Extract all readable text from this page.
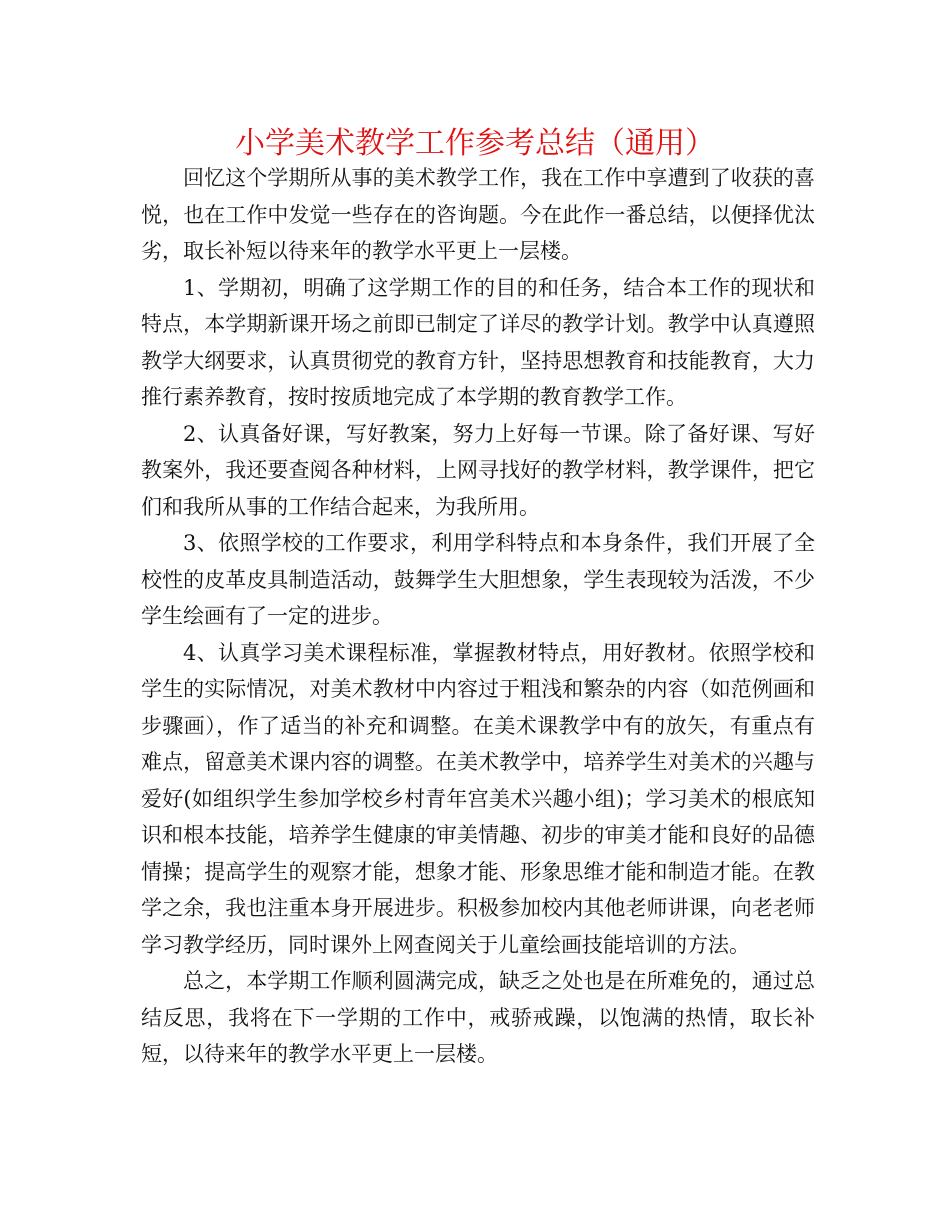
小学美术教学工作参考总结（通用）

回忆这个学期所从事的美术教学工作，我在工作中享遭到了收获的喜悦，也在工作中发觉一些存在的咨询题。今在此作一番总结，以便择优汰劣，取长补短以待来年的教学水平更上一层楼。

1、学期初，明确了这学期工作的目的和任务，结合本工作的现状和特点，本学期新课开场之前即已制定了详尽的教学计划。教学中认真遵照教学大纲要求，认真贯彻党的教育方针，坚持思想教育和技能教育，大力推行素养教育，按时按质地完成了本学期的教育教学工作。

2、认真备好课，写好教案，努力上好每一节课。除了备好课、写好教案外，我还要查阅各种材料，上网寻找好的教学材料，教学课件，把它们和我所从事的工作结合起来，为我所用。

3、依照学校的工作要求，利用学科特点和本身条件，我们开展了全校性的皮革皮具制造活动，鼓舞学生大胆想象，学生表现较为活泼，不少学生绘画有了一定的进步。

4、认真学习美术课程标准，掌握教材特点，用好教材。依照学校和学生的实际情况，对美术教材中内容过于粗浅和繁杂的内容（如范例画和步骤画），作了适当的补充和调整。在美术课教学中有的放矢，有重点有难点，留意美术课内容的调整。在美术教学中，培养学生对美术的兴趣与爱好(如组织学生参加学校乡村青年宫美术兴趣小组)；学习美术的根底知识和根本技能，培养学生健康的审美情趣、初步的审美才能和良好的品德情操；提高学生的观察才能，想象才能、形象思维才能和制造才能。在教学之余，我也注重本身开展进步。积极参加校内其他老师讲课，向老老师学习教学经历，同时课外上网查阅关于儿童绘画技能培训的方法。

总之，本学期工作顺利圆满完成，缺乏之处也是在所难免的，通过总结反思，我将在下一学期的工作中，戒骄戒躁，以饱满的热情，取长补短，以待来年的教学水平更上一层楼。
